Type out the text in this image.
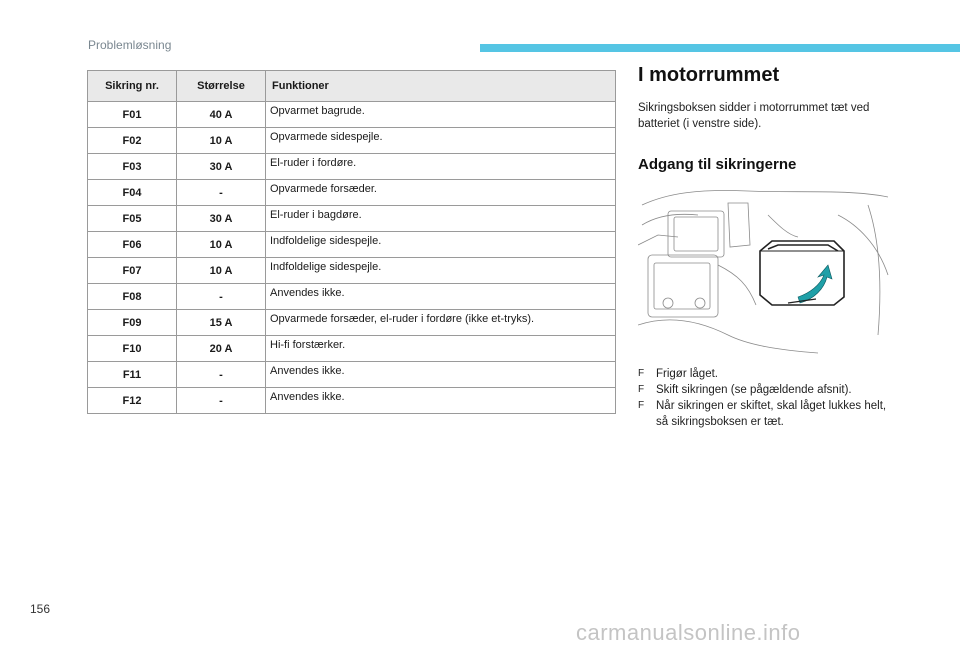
Problemløsning
Sikring nr.	Størrelse	Funktioner
F01	40 A	Opvarmet bagrude.
F02	10 A	Opvarmede sidespejle.
F03	30 A	El-ruder i fordøre.
F04	-	Opvarmede forsæder.
F05	30 A	El-ruder i bagdøre.
F06	10 A	Indfoldelige sidespejle.
F07	10 A	Indfoldelige sidespejle.
F08	-	Anvendes ikke.
F09	15 A	Opvarmede forsæder, el-ruder i fordøre (ikke et-tryks).
F10	20 A	Hi-fi forstærker.
F11	-	Anvendes ikke.
F12	-	Anvendes ikke.
I motorrummet
Sikringsboksen sidder i motorrummet tæt ved batteriet (i venstre side).
Adgang til sikringerne
F Frigør låget.
F Skift sikringen (se pågældende afsnit).
F Når sikringen er skiftet, skal låget lukkes helt, så sikringsboksen er tæt.
156
carmanualsonline.info
